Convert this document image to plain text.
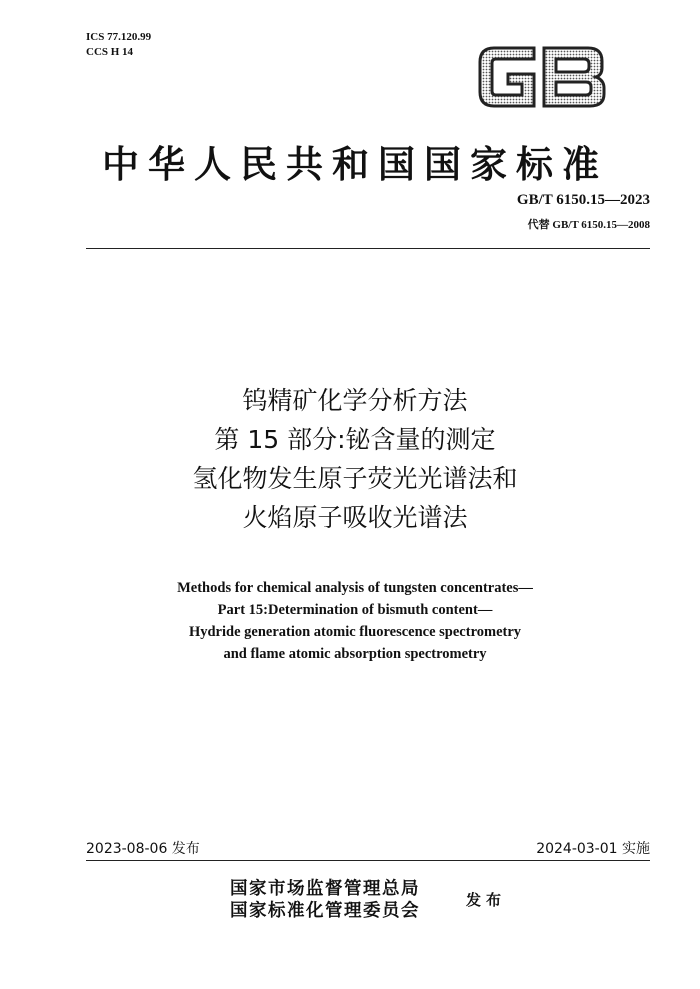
ICS 77.120.99
CCS H 14
GB
中华人民共和国国家标准
GB/T 6150.15—2023
代替 GB/T 6150.15—2008
钨精矿化学分析方法
第 15 部分:铋含量的测定
氢化物发生原子荧光光谱法和
火焰原子吸收光谱法
Methods for chemical analysis of tungsten concentrates—
Part 15:Determination of bismuth content—
Hydride generation atomic fluorescence spectrometry
and flame atomic absorption spectrometry
2023-08-06 发布	2024-03-01 实施
国家市场监督管理总局
国家标准化管理委员会
发布
